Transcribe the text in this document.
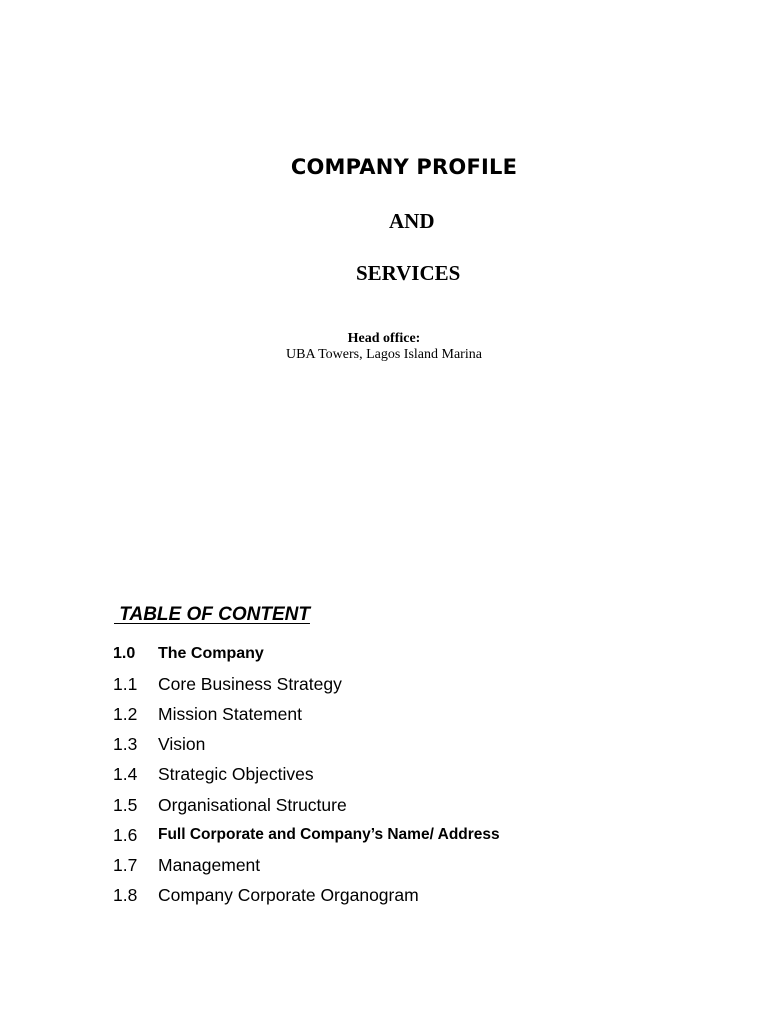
COMPANY PROFILE
AND
SERVICES
Head office:
UBA Towers, Lagos Island Marina
TABLE OF CONTENT
1.0	The Company
1.1	Core Business Strategy
1.2	Mission Statement
1.3	Vision
1.4	Strategic Objectives
1.5	Organisational Structure
1.6	Full Corporate and Company’s Name/ Address
1.7	Management
1.8	Company Corporate Organogram
